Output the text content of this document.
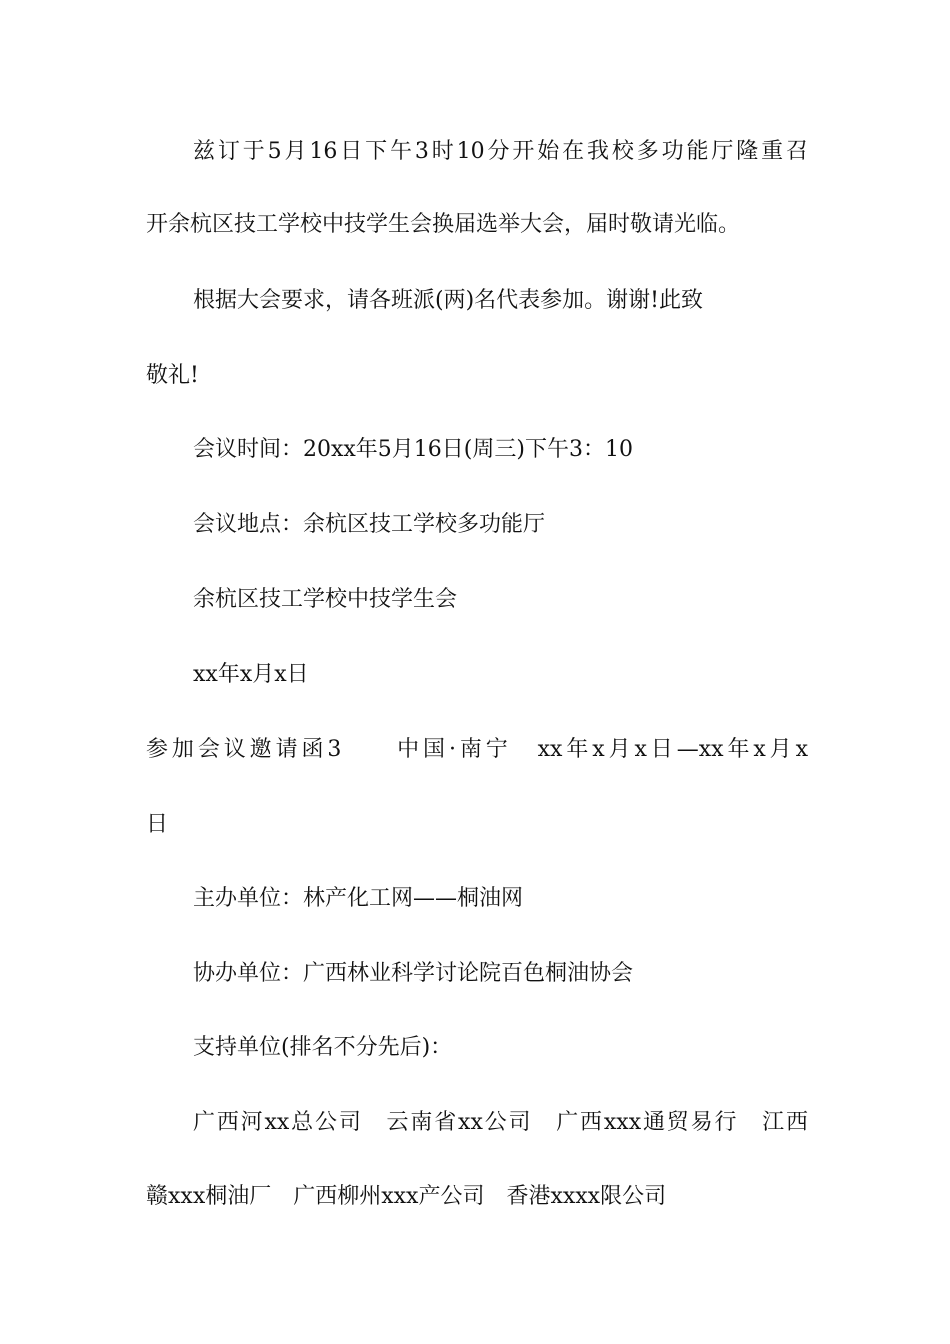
兹订于5月16日下午3时10分开始在我校多功能厅隆重召
开余杭区技工学校中技学生会换届选举大会，届时敬请光临。
根据大会要求，请各班派(两)名代表参加。谢谢!此致
敬礼!
会议时间：20xx年5月16日(周三)下午3：10
会议地点：余杭区技工学校多功能厅
余杭区技工学校中技学生会
xx年x月x日
参加会议邀请函3　　中国·南宁　xx年x月x日—xx年x月x
日
主办单位：林产化工网——桐油网
协办单位：广西林业科学讨论院百色桐油协会
支持单位(排名不分先后)：
广西河xx总公司　云南省xx公司　广西xxx通贸易行　江西
赣xxx桐油厂　广西柳州xxx产公司　香港xxxx限公司
